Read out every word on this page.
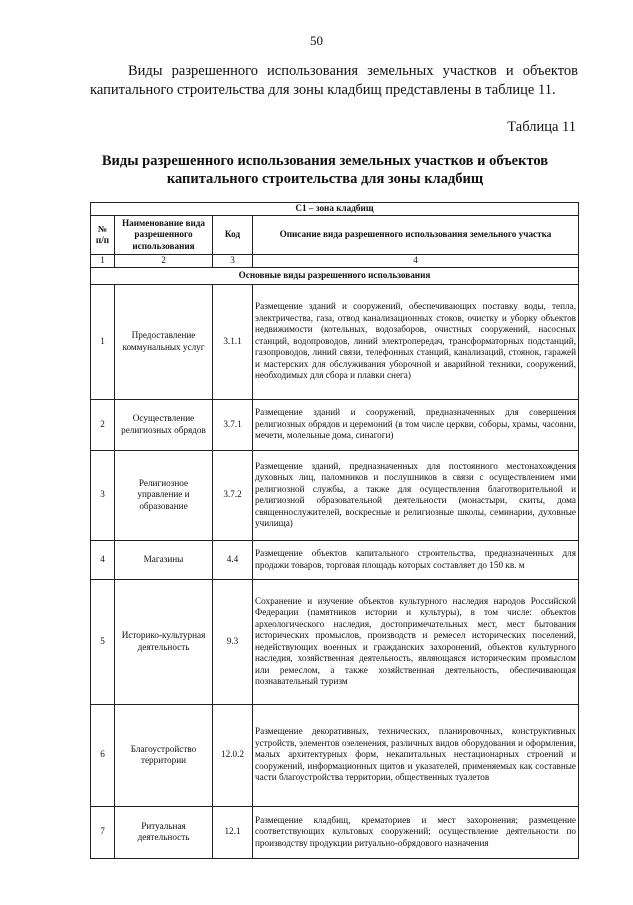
50
Виды разрешенного использования земельных участков и объектов капитального строительства для зоны кладбищ представлены в таблице 11.
Таблица 11
Виды разрешенного использования земельных участков и объектов капитального строительства для зоны кладбищ
С1 – зона кладбищ			
№ п/п	Наименование вида разрешенного использования	Код	Описание вида разрешенного использования земельного участка
1	2	3	4
Основные виды разрешенного использования			
1	Предоставление коммунальных услуг	3.1.1	Размещение зданий и сооружений, обеспечивающих поставку воды, тепла, электричества, газа, отвод канализационных стоков, очистку и уборку объектов недвижимости (котельных, водозаборов, очистных сооружений, насосных станций, водопроводов, линий электропередач, трансформаторных подстанций, газопроводов, линий связи, телефонных станций, канализаций, стоянок, гаражей и мастерских для обслуживания уборочной и аварийной техники, сооружений, необходимых для сбора и плавки снега)
2	Осуществление религиозных обрядов	3.7.1	Размещение зданий и сооружений, предназначенных для совершения религиозных обрядов и церемоний (в том числе церкви, соборы, храмы, часовни, мечети, молельные дома, синагоги)
3	Религиозное управление и образование	3.7.2	Размещение зданий, предназначенных для постоянного местонахождения духовных лиц, паломников и послушников в связи с осуществлением ими религиозной службы, а также для осуществления благотворительной и религиозной образовательной деятельности (монастыри, скиты, дома священнослужителей, воскресные и религиозные школы, семинарии, духовные училища)
4	Магазины	4.4	Размещение объектов капитального строительства, предназначенных для продажи товаров, торговая площадь которых составляет до 150 кв. м
5	Историко-культурная деятельность	9.3	Сохранение и изучение объектов культурного наследия народов Российской Федерации (памятников истории и культуры), в том числе: объектов археологического наследия, достопримечательных мест, мест бытования исторических промыслов, производств и ремесел исторических поселений, недействующих военных и гражданских захоронений, объектов культурного наследия, хозяйственная деятельность, являющаяся историческим промыслом или ремеслом, а также хозяйственная деятельность, обеспечивающая познавательный туризм
6	Благоустройство территории	12.0.2	Размещение декоративных, технических, планировочных, конструктивных устройств, элементов озеленения, различных видов оборудования и оформления, малых архитектурных форм, некапитальных нестационарных строений и сооружений, информационных щитов и указателей, применяемых как составные части благоустройства территории, общественных туалетов
7	Ритуальная деятельность	12.1	Размещение кладбищ, крематориев и мест захоронения; размещение соответствующих культовых сооружений; осуществление деятельности по производству продукции ритуально-обрядового назначения
